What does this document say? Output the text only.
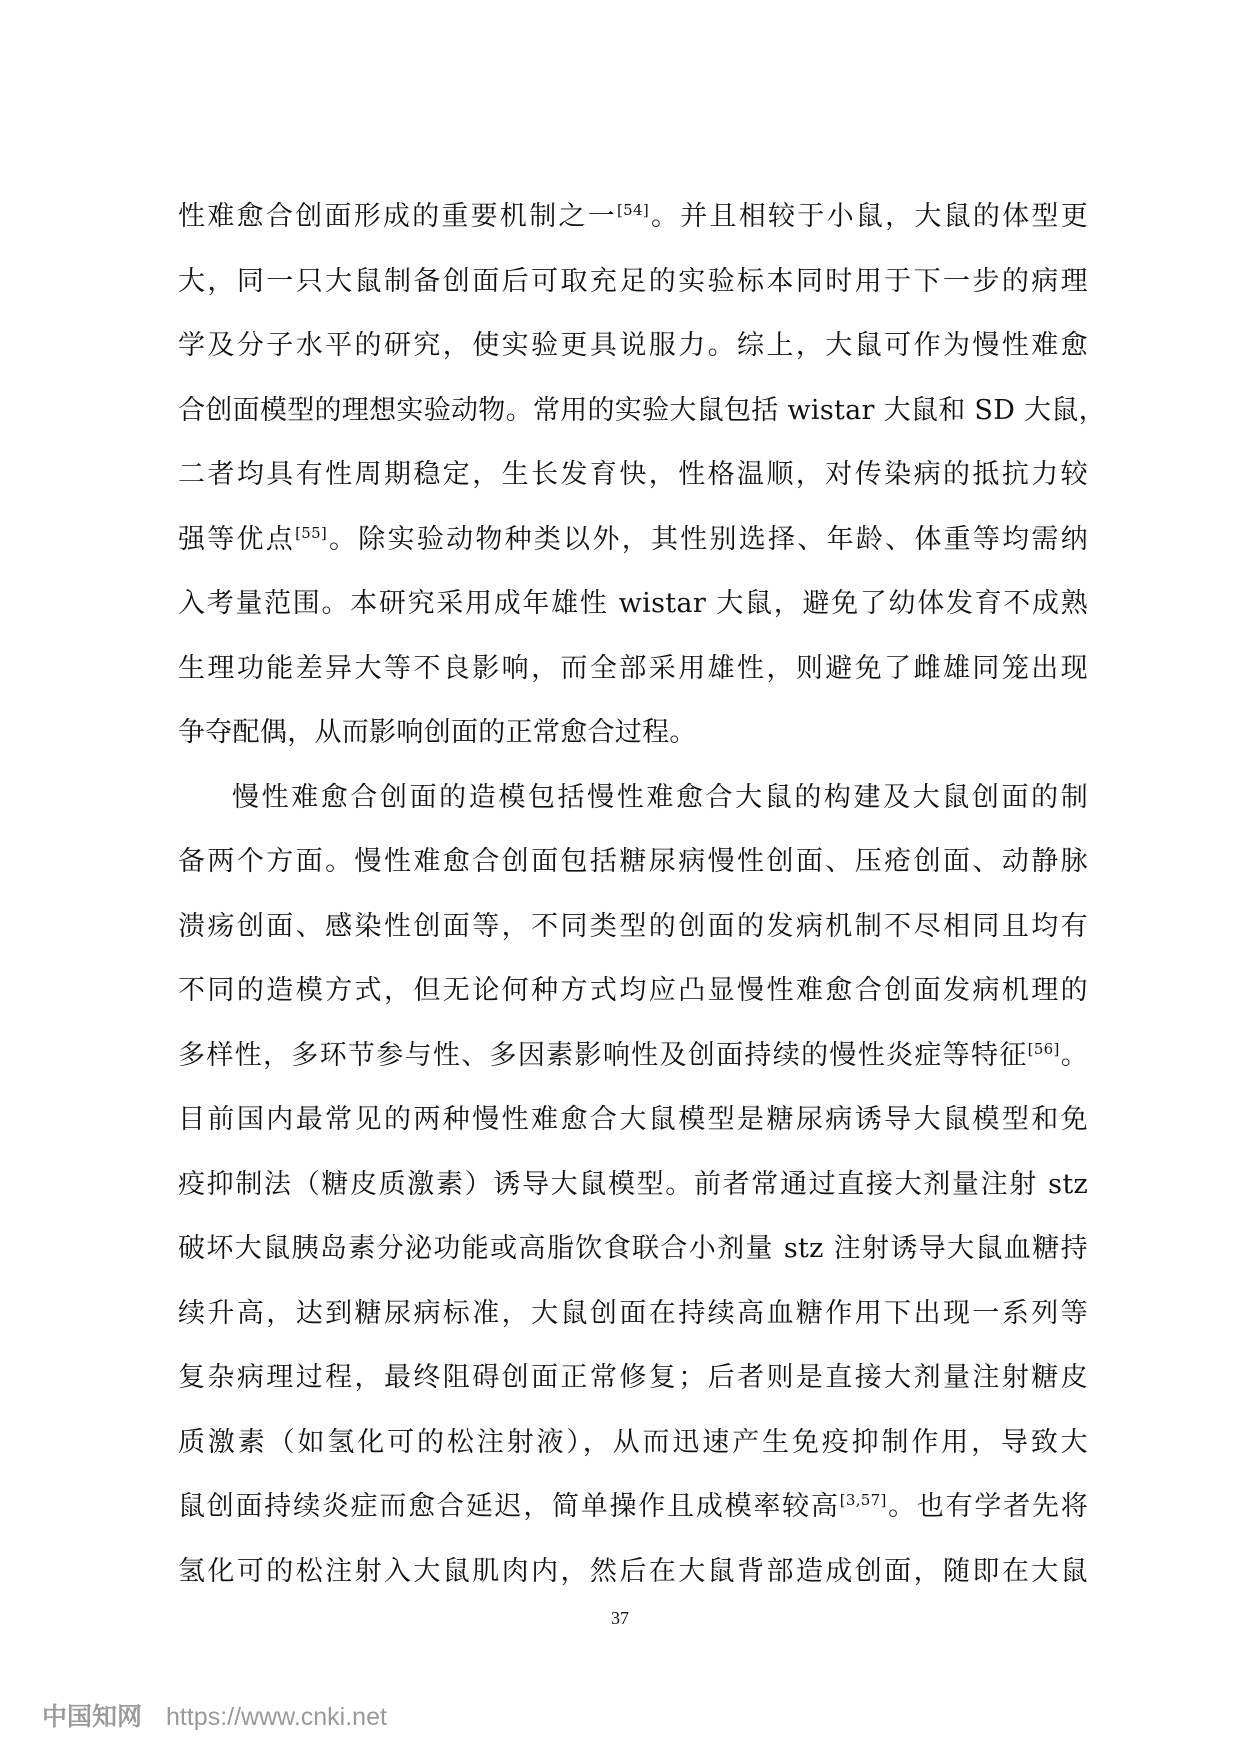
性难愈合创面形成的重要机制之一[54]。并且相较于小鼠，大鼠的体型更
大，同一只大鼠制备创面后可取充足的实验标本同时用于下一步的病理
学及分子水平的研究，使实验更具说服力。综上，大鼠可作为慢性难愈
合创面模型的理想实验动物。常用的实验大鼠包括 wistar 大鼠和 SD 大鼠，
二者均具有性周期稳定，生长发育快，性格温顺，对传染病的抵抗力较
强等优点[55]。除实验动物种类以外，其性别选择、年龄、体重等均需纳
入考量范围。本研究采用成年雄性 wistar 大鼠，避免了幼体发育不成熟
生理功能差异大等不良影响，而全部采用雄性，则避免了雌雄同笼出现
争夺配偶，从而影响创面的正常愈合过程。
慢性难愈合创面的造模包括慢性难愈合大鼠的构建及大鼠创面的制
备两个方面。慢性难愈合创面包括糖尿病慢性创面、压疮创面、动静脉
溃疡创面、感染性创面等，不同类型的创面的发病机制不尽相同且均有
不同的造模方式，但无论何种方式均应凸显慢性难愈合创面发病机理的
多样性，多环节参与性、多因素影响性及创面持续的慢性炎症等特征[56]。
目前国内最常见的两种慢性难愈合大鼠模型是糖尿病诱导大鼠模型和免
疫抑制法（糖皮质激素）诱导大鼠模型。前者常通过直接大剂量注射 stz
破坏大鼠胰岛素分泌功能或高脂饮食联合小剂量 stz 注射诱导大鼠血糖持
续升高，达到糖尿病标准，大鼠创面在持续高血糖作用下出现一系列等
复杂病理过程，最终阻碍创面正常修复；后者则是直接大剂量注射糖皮
质激素（如氢化可的松注射液），从而迅速产生免疫抑制作用，导致大
鼠创面持续炎症而愈合延迟，简单操作且成模率较高[3,57]。也有学者先将
氢化可的松注射入大鼠肌肉内，然后在大鼠背部造成创面，随即在大鼠
37
中国知网 https://www.cnki.net
